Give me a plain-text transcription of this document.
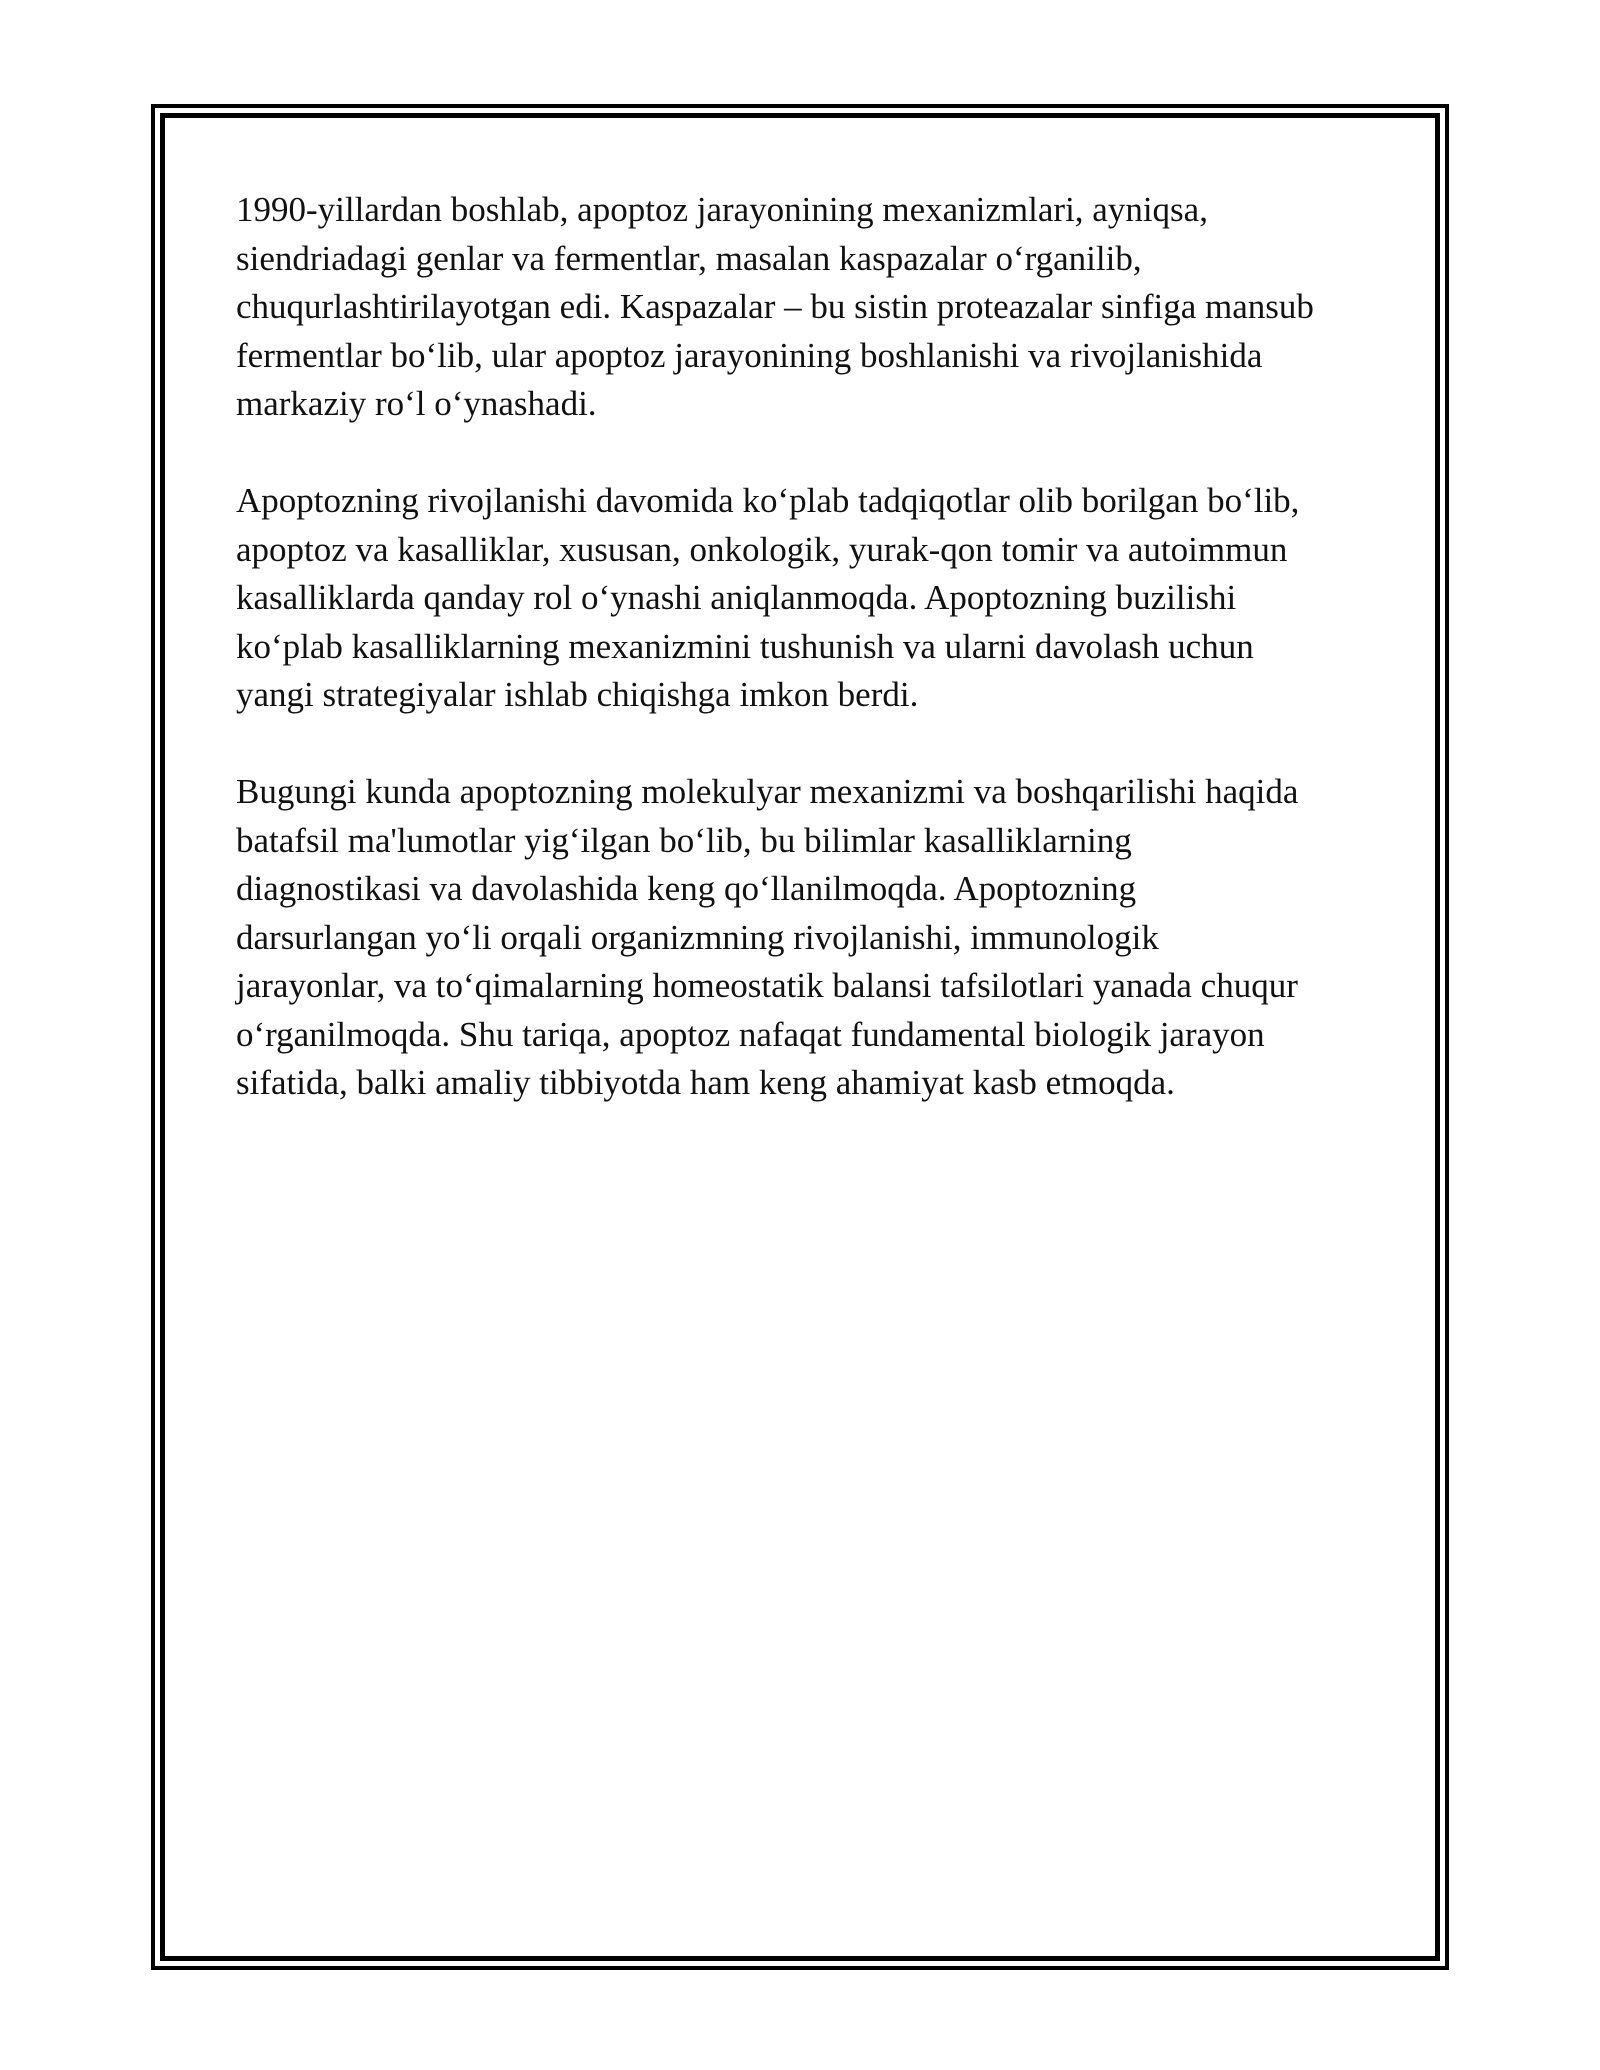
1990-yillardan boshlab, apoptoz jarayonining mexanizmlari, ayniqsa,
siendriadagi genlar va fermentlar, masalan kaspazalar o‘rganilib,
chuqurlashtirilayotgan edi. Kaspazalar – bu sistin proteazalar sinfiga mansub
fermentlar bo‘lib, ular apoptoz jarayonining boshlanishi va rivojlanishida
markaziy ro‘l o‘ynashadi.

Apoptozning rivojlanishi davomida ko‘plab tadqiqotlar olib borilgan bo‘lib,
apoptoz va kasalliklar, xususan, onkologik, yurak-qon tomir va autoimmun
kasalliklarda qanday rol o‘ynashi aniqlanmoqda. Apoptozning buzilishi
ko‘plab kasalliklarning mexanizmini tushunish va ularni davolash uchun
yangi strategiyalar ishlab chiqishga imkon berdi.

Bugungi kunda apoptozning molekulyar mexanizmi va boshqarilishi haqida
batafsil ma'lumotlar yig‘ilgan bo‘lib, bu bilimlar kasalliklarning
diagnostikasi va davolashida keng qo‘llanilmoqda. Apoptozning
darsurlangan yo‘li orqali organizmning rivojlanishi, immunologik
jarayonlar, va to‘qimalarning homeostatik balansi tafsilotlari yanada chuqur
o‘rganilmoqda. Shu tariqa, apoptoz nafaqat fundamental biologik jarayon
sifatida, balki amaliy tibbiyotda ham keng ahamiyat kasb etmoqda.
